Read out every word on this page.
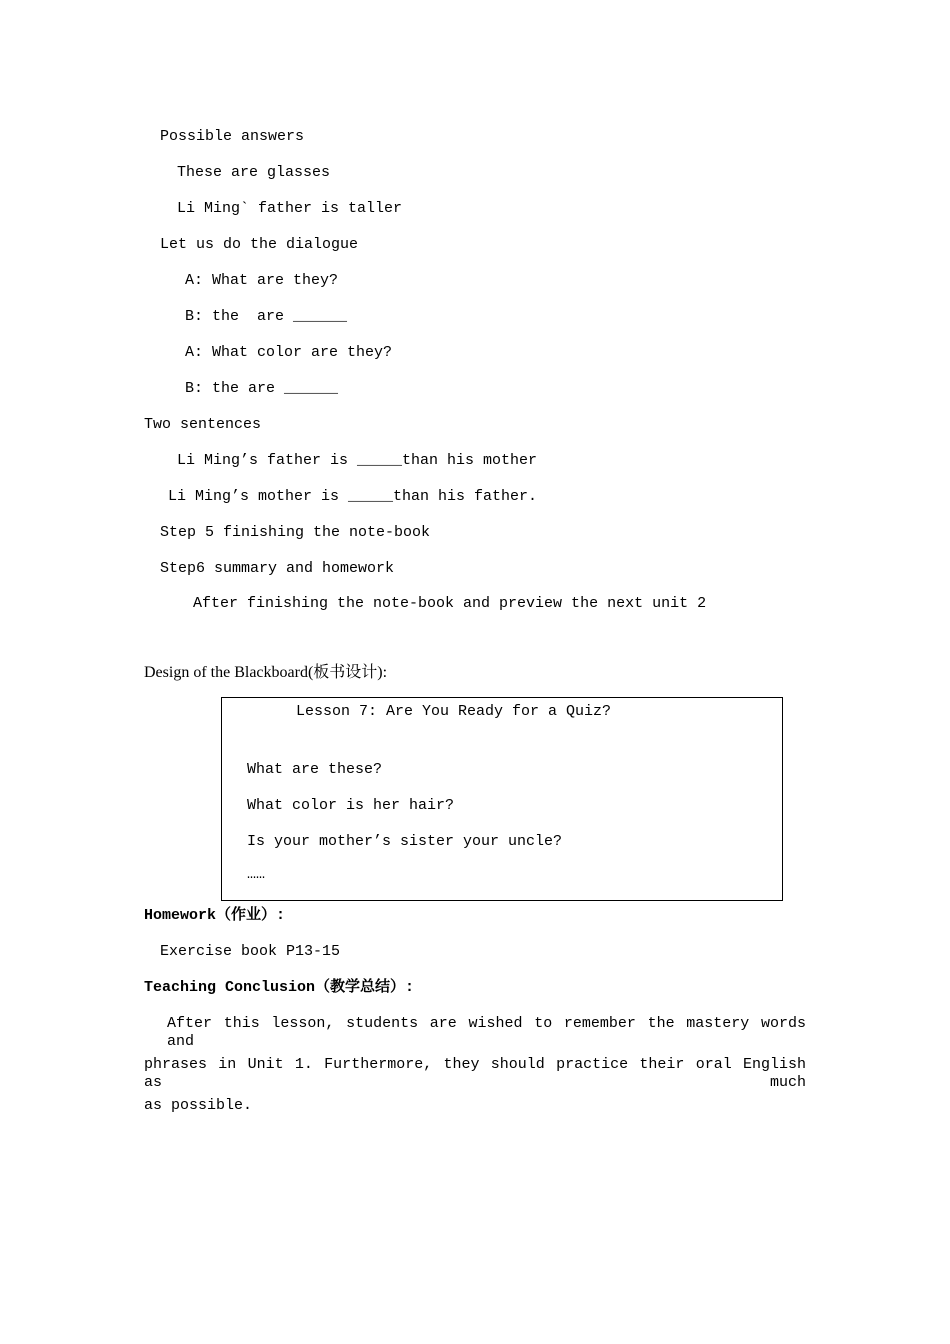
Possible answers
These are glasses
Li Ming` father is taller
Let us do the dialogue
A: What are they?
B: the  are ______
A: What color are they?
B: the are ______
Two sentences
Li Ming’s father is _____than his mother
Li Ming’s mother is _____than his father.
Step 5 finishing the note-book
Step6 summary and homework
After finishing the note-book and preview the next unit 2
Design of the Blackboard(板书设计):
Lesson 7: Are You Ready for a Quiz?
What are these?
What color is her hair?
Is your mother’s sister your uncle?
……
Homework（作业）:
Exercise book P13-15
Teaching Conclusion（教学总结）:
After this lesson, students are wished to remember the mastery words and
phrases in Unit 1. Furthermore, they should practice their oral English as much
as possible.
